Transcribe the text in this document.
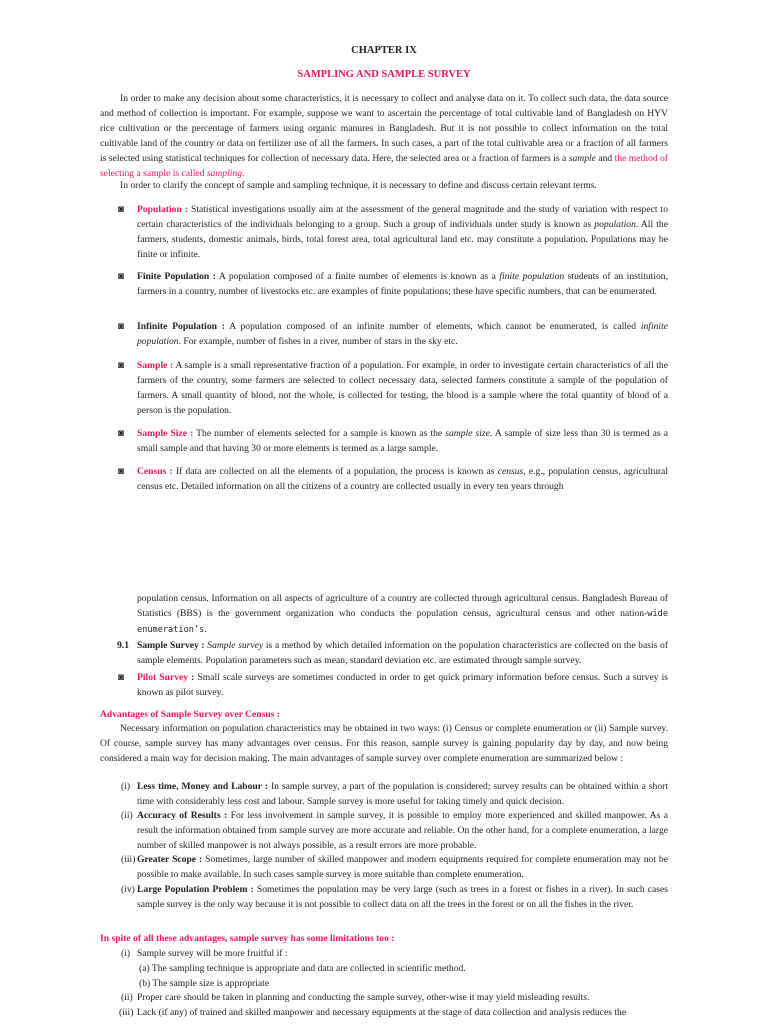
CHAPTER IX
SAMPLING AND SAMPLE SURVEY
In order to make any decision about some characteristics, it is necessary to collect and analyse data on it. To collect such data, the data source and method of collection is important. For example, suppose we want to ascertain the percentage of total cultivable land of Bangladesh on HYV rice cultivation or the percentage of farmers using organic manures in Bangladesh. But it is not possible to collect information on the total cultivable land of the country or data on fertilizer use of all the farmers. In such cases, a part of the total cultivable area or a fraction of all farmers is selected using statistical techniques for collection of necessary data. Here, the selected area or a fraction of farmers is a sample and the method of selecting a sample is called sampling.
In order to clarify the concept of sample and sampling technique, it is necessary to define and discuss certain relevant terms.
◙	Population : Statistical investigations usually aim at the assessment of the general magnitude and the study of variation with respect to certain characteristics of the individuals belonging to a group. Such a group of individuals under study is known as population. All the farmers, students, domestic animals, birds, total forest area, total agricultural land etc. may constitute a population. Populations may be finite or infinite.
◙	Finite Population : A population composed of a finite number of elements is known as a finite population students of an institution, farmers in a country, number of livestocks etc. are examples of finite populations; these have specific numbers, that can be enumerated.
◙	Infinite Population : A population composed of an infinite number of elements, which cannot be enumerated, is called infinite population. For example, number of fishes in a river, number of stars in the sky etc.
◙	Sample : A sample is a small representative fraction of a population. For example, in order to investigate certain characteristics of all the farmers of the country, some farmers are selected to collect necessary data, selected farmers constitute a sample of the population of farmers. A small quantity of blood, not the whole, is collected for testing, the blood is a sample where the total quantity of blood of a person is the population.
◙	Sample Size : The number of elements selected for a sample is known as the sample size. A sample of size less than 30 is termed as a small sample and that having 30 or more elements is termed as a large sample.
◙	Census : If data are collected on all the elements of a population, the process is known as census, e.g., population census, agricultural census etc. Detailed information on all the citizens of a country are collected usually in every ten years through
population census. Information on all aspects of agriculture of a country are collected through agricultural census. Bangladesh Bureau of Statistics (BBS) is the government organization who conducts the population census, agricultural census and other nation-wide enumeration’s.
9.1 Sample Survey : Sample survey is a method by which detailed information on the population characteristics are collected on the basis of sample elements. Population parameters such as mean, standard deviation etc. are estimated through sample survey.
◙	Pilot Survey : Small scale surveys are sometimes conducted in order to get quick primary information before census. Such a survey is known as pilot survey.
Advantages of Sample Survey over Census :
Necessary information on population characteristics may be obtained in two ways: (i) Census or complete enumeration or (ii) Sample survey. Of course, sample survey has many advantages over census. For this reason, sample survey is gaining popularity day by day, and now being considered a main way for decision making. The main advantages of sample survey over complete enumeration are summarized below :
(i) Less time, Money and Labour : In sample survey, a part of the population is considered; survey results can be obtained within a short time with considerably less cost and labour. Sample survey is more useful for taking timely and quick decision.
(ii) Accuracy of Results : For less involvement in sample survey, it is possible to employ more experienced and skilled manpower. As a result the information obtained from sample survey are more accurate and reliable. On the other hand, for a complete enumeration, a large number of skilled manpower is not always possible, as a result errors are more probable.
(iii) Greater Scope : Sometimes, large number of skilled manpower and modern equipments required for complete enumeration may not be possible to make available. In such cases sample survey is more suitable than complete enumeration.
(iv) Large Population Problem : Sometimes the population may be very large (such as trees in a forest or fishes in a river). In such cases sample survey is the only way because it is not possible to collect data on all the trees in the forest or on all the fishes in the river.
In spite of all these advantages, sample survey has some limitations too :
(i) Sample survey will be more fruitful if :
(a) The sampling technique is appropriate and data are collected in scientific method.
(b) The sample size is appropriate
(ii) Proper care should be taken in planning and conducting the sample survey, other-wise it may yield misleading results.
(iii) Lack (if any) of trained and skilled manpower and necessary equipments at the stage of data collection and analysis reduces the
